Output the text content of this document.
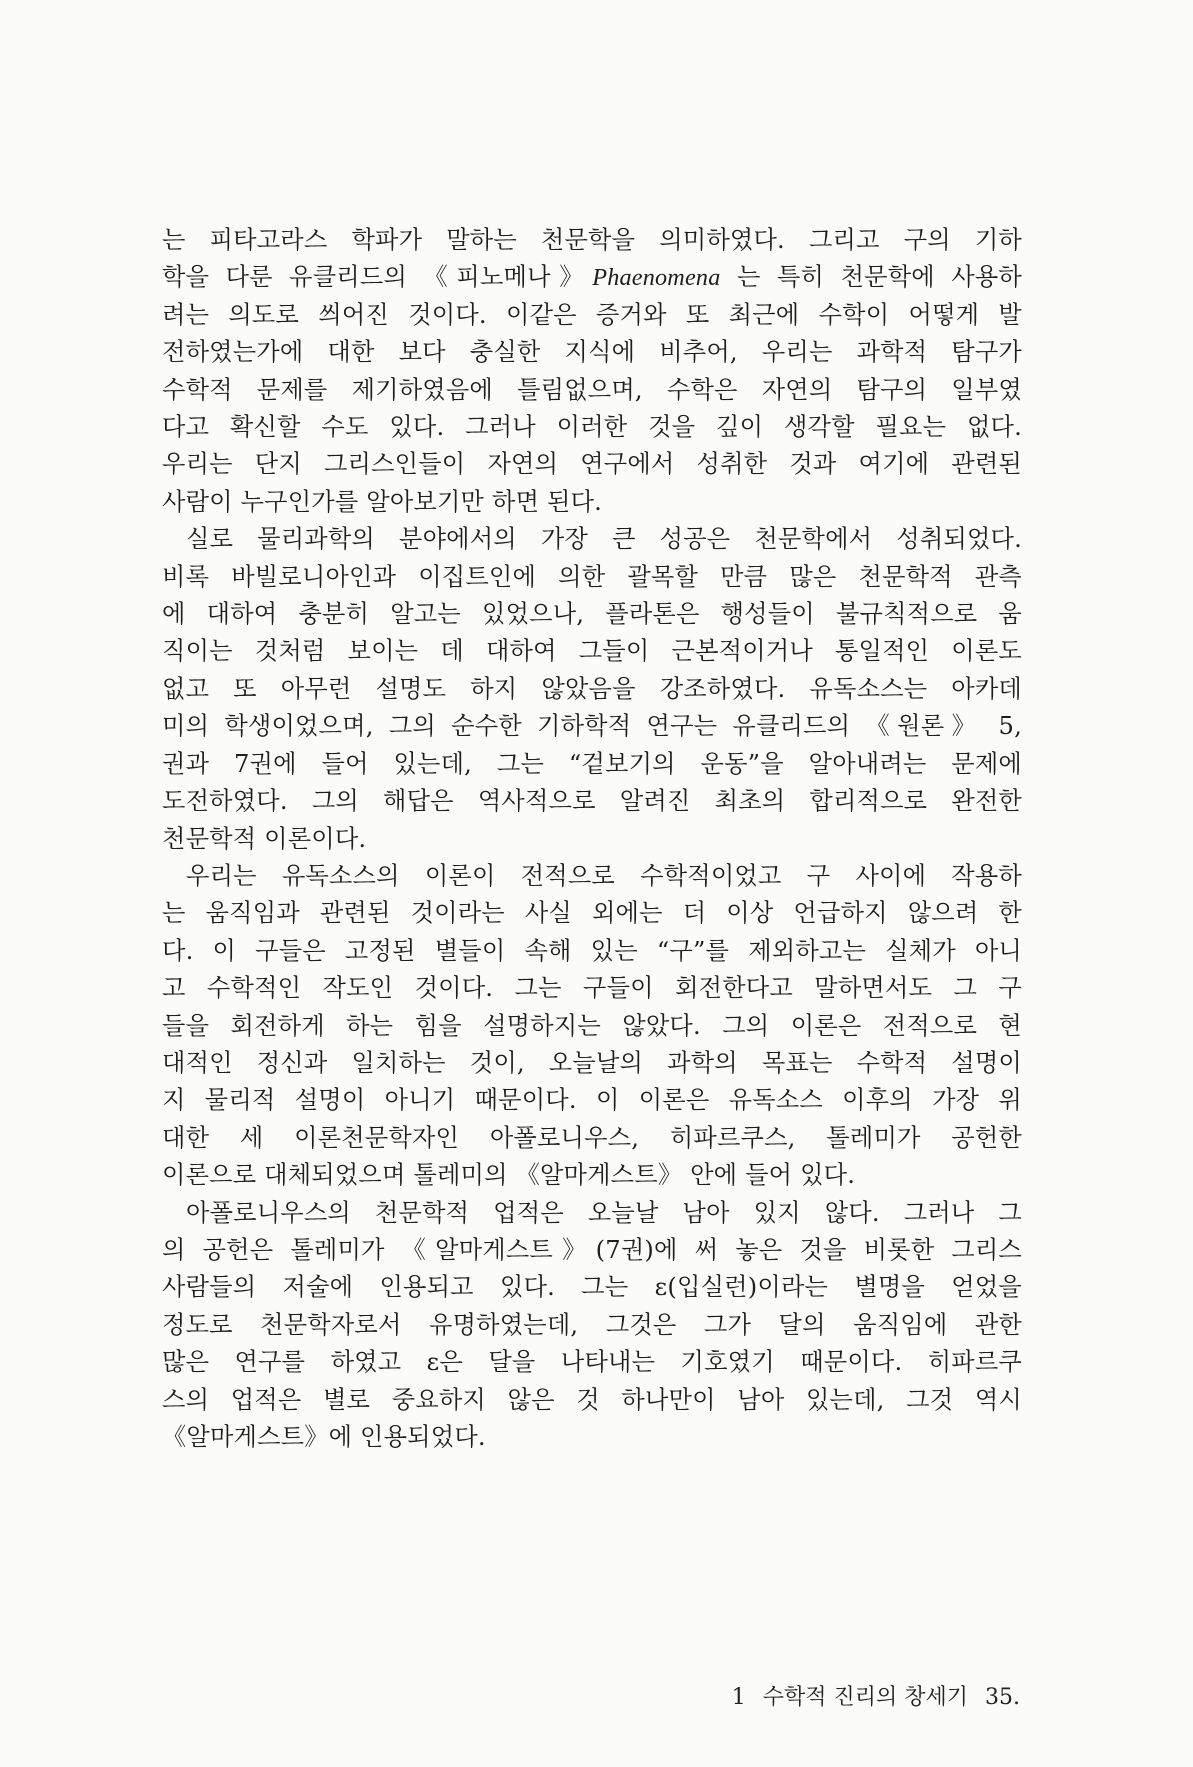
는 피타고라스 학파가 말하는 천문학을 의미하였다. 그리고 구의 기하
학을 다룬 유클리드의 《피노메나》Phaenomena 는 특히 천문학에 사용하
려는 의도로 씌어진 것이다. 이같은 증거와 또 최근에 수학이 어떻게 발
전하였는가에 대한 보다 충실한 지식에 비추어, 우리는 과학적 탐구가
수학적 문제를 제기하였음에 틀림없으며, 수학은 자연의 탐구의 일부였
다고 확신할 수도 있다. 그러나 이러한 것을 깊이 생각할 필요는 없다.
우리는 단지 그리스인들이 자연의 연구에서 성취한 것과 여기에 관련된
사람이 누구인가를 알아보기만 하면 된다.
실로 물리과학의 분야에서의 가장 큰 성공은 천문학에서 성취되었다.
비록 바빌로니아인과 이집트인에 의한 괄목할 만큼 많은 천문학적 관측
에 대하여 충분히 알고는 있었으나, 플라톤은 행성들이 불규칙적으로 움
직이는 것처럼 보이는 데 대하여 그들이 근본적이거나 통일적인 이론도
없고 또 아무런 설명도 하지 않았음을 강조하였다. 유독소스는 아카데
미의 학생이었으며, 그의 순수한 기하학적 연구는 유클리드의 《원론》 5,
권과 7권에 들어 있는데, 그는 “겉보기의 운동”을 알아내려는 문제에
도전하였다. 그의 해답은 역사적으로 알려진 최초의 합리적으로 완전한
천문학적 이론이다.
우리는 유독소스의 이론이 전적으로 수학적이었고 구 사이에 작용하
는 움직임과 관련된 것이라는 사실 외에는 더 이상 언급하지 않으려 한
다. 이 구들은 고정된 별들이 속해 있는 “구”를 제외하고는 실체가 아니
고 수학적인 작도인 것이다. 그는 구들이 회전한다고 말하면서도 그 구
들을 회전하게 하는 힘을 설명하지는 않았다. 그의 이론은 전적으로 현
대적인 정신과 일치하는 것이, 오늘날의 과학의 목표는 수학적 설명이
지 물리적 설명이 아니기 때문이다. 이 이론은 유독소스 이후의 가장 위
대한 세 이론천문학자인 아폴로니우스, 히파르쿠스, 톨레미가 공헌한
이론으로 대체되었으며 톨레미의 《알마게스트》 안에 들어 있다.
아폴로니우스의 천문학적 업적은 오늘날 남아 있지 않다. 그러나 그
의 공헌은 톨레미가 《알마게스트》(7권)에 써 놓은 것을 비롯한 그리스
사람들의 저술에 인용되고 있다. 그는 ε(입실런)이라는 별명을 얻었을
정도로 천문학자로서 유명하였는데, 그것은 그가 달의 움직임에 관한
많은 연구를 하였고 ε은 달을 나타내는 기호였기 때문이다. 히파르쿠
스의 업적은 별로 중요하지 않은 것 하나만이 남아 있는데, 그것 역시
《알마게스트》에 인용되었다.
1 수학적 진리의 창세기 35.
